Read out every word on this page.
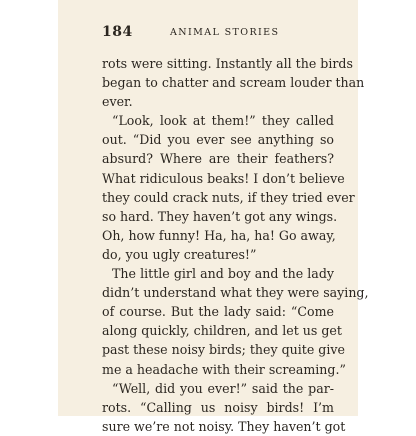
184	ANIMAL STORIES
rots were sitting. Instantly all the birds
began to chatter and scream louder than
ever.
“Look, look at them!” they called
out. “Did you ever see anything so
absurd? Where are their feathers?
What ridiculous beaks! I don’t believe
they could crack nuts, if they tried ever
so hard. They haven’t got any wings.
Oh, how funny! Ha, ha, ha! Go away,
do, you ugly creatures!”
The little girl and boy and the lady
didn’t understand what they were saying,
of course. But the lady said: “Come
along quickly, children, and let us get
past these noisy birds; they quite give
me a headache with their screaming.”
“Well, did you ever!” said the par-
rots. “Calling us noisy birds! I’m
sure we’re not noisy. They haven’t got
